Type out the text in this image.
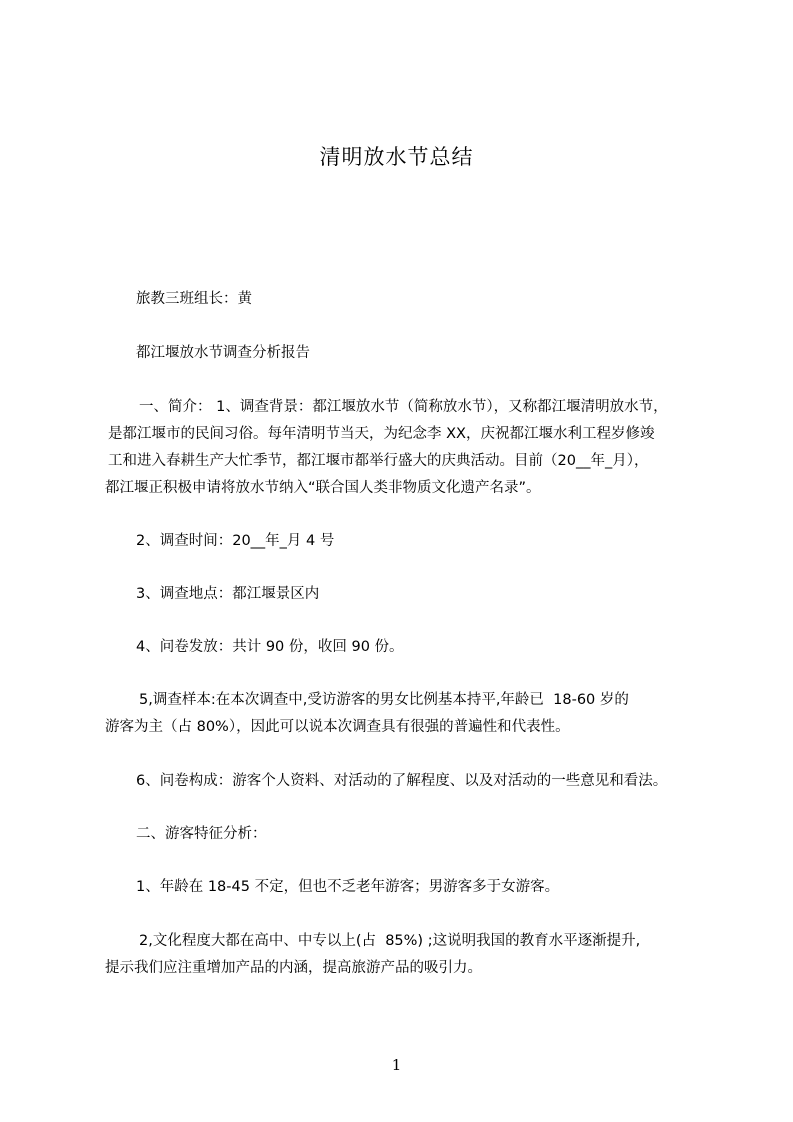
清明放水节总结
旅教三班组长：黄
都江堰放水节调查分析报告
一、简介： 1、调查背景：都江堰放水节（简称放水节），又称都江堰清明放水节，
是都江堰市的民间习俗。每年清明节当天，为纪念李 XX，庆祝都江堰水利工程岁修竣
工和进入春耕生产大忙季节，都江堰市都举行盛大的庆典活动。目前（20__年_月），
都江堰正积极申请将放水节纳入“联合国人类非物质文化遗产名录”。
2、调查时间：20__年_月 4 号
3、调查地点：都江堰景区内
4、问卷发放：共计 90 份，收回 90 份。
5,调查样本:在本次调查中,受访游客的男女比例基本持平,年龄已  18-60 岁的
游客为主（占 80%），因此可以说本次调查具有很强的普遍性和代表性。
6、问卷构成：游客个人资料、对活动的了解程度、以及对活动的一些意见和看法。
二、游客特征分析：
1、年龄在 18-45 不定，但也不乏老年游客；男游客多于女游客。
2,文化程度大都在高中、中专以上(占  85%) ;这说明我国的教育水平逐渐提升,
提示我们应注重增加产品的内涵，提高旅游产品的吸引力。
1
